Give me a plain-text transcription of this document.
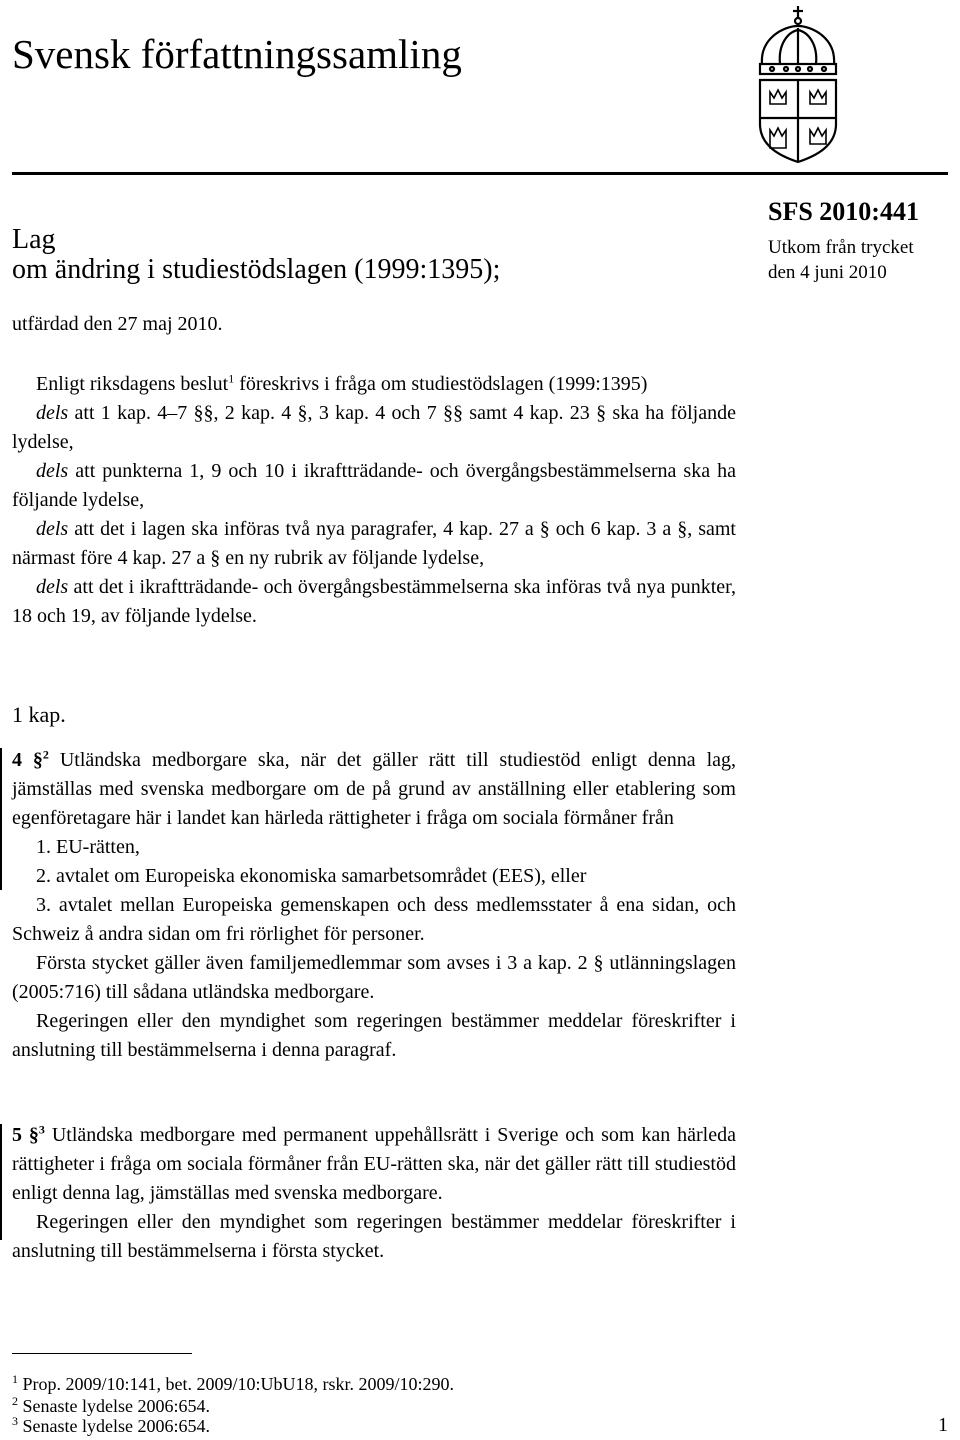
Svensk författningssamling
Lag
om ändring i studiestödslagen (1999:1395);
SFS 2010:441
Utkom från trycket
den 4 juni 2010
utfärdad den 27 maj 2010.

Enligt riksdagens beslut$^1$ föreskrivs i fråga om studiestödslagen (1999:1395)

dels att 1 kap. 4–7 §§, 2 kap. 4 §, 3 kap. 4 och 7 §§ samt 4 kap. 23 § ska ha följande lydelse,

dels att punkterna 1, 9 och 10 i ikraftträdande- och övergångsbestämmelserna ska ha följande lydelse,

dels att det i lagen ska införas två nya paragrafer, 4 kap. 27 a § och 6 kap. 3 a §, samt närmast före 4 kap. 27 a § en ny rubrik av följande lydelse,

dels att det i ikraftträdande- och övergångsbestämmelserna ska införas två nya punkter, 18 och 19, av följande lydelse.

1 kap.

4 §$^2$ Utländska medborgare ska, när det gäller rätt till studiestöd enligt denna lag, jämställas med svenska medborgare om de på grund av anställning eller etablering som egenföretagare här i landet kan härleda rättigheter i fråga om sociala förmåner från

1. EU-rätten,

2. avtalet om Europeiska ekonomiska samarbetsområdet (EES), eller

3. avtalet mellan Europeiska gemenskapen och dess medlemsstater å ena sidan, och Schweiz å andra sidan om fri rörlighet för personer.

Första stycket gäller även familjemedlemmar som avses i 3 a kap. 2 § utlänningslagen (2005:716) till sådana utländska medborgare.

Regeringen eller den myndighet som regeringen bestämmer meddelar föreskrifter i anslutning till bestämmelserna i denna paragraf.

5 §$^3$ Utländska medborgare med permanent uppehållsrätt i Sverige och som kan härleda rättigheter i fråga om sociala förmåner från EU-rätten ska, när det gäller rätt till studiestöd enligt denna lag, jämställas med svenska medborgare.

Regeringen eller den myndighet som regeringen bestämmer meddelar föreskrifter i anslutning till bestämmelserna i första stycket.

$^1$ Prop. 2009/10:141, bet. 2009/10:UbU18, rskr. 2009/10:290.
$^2$ Senaste lydelse 2006:654.
$^3$ Senaste lydelse 2006:654.	1
